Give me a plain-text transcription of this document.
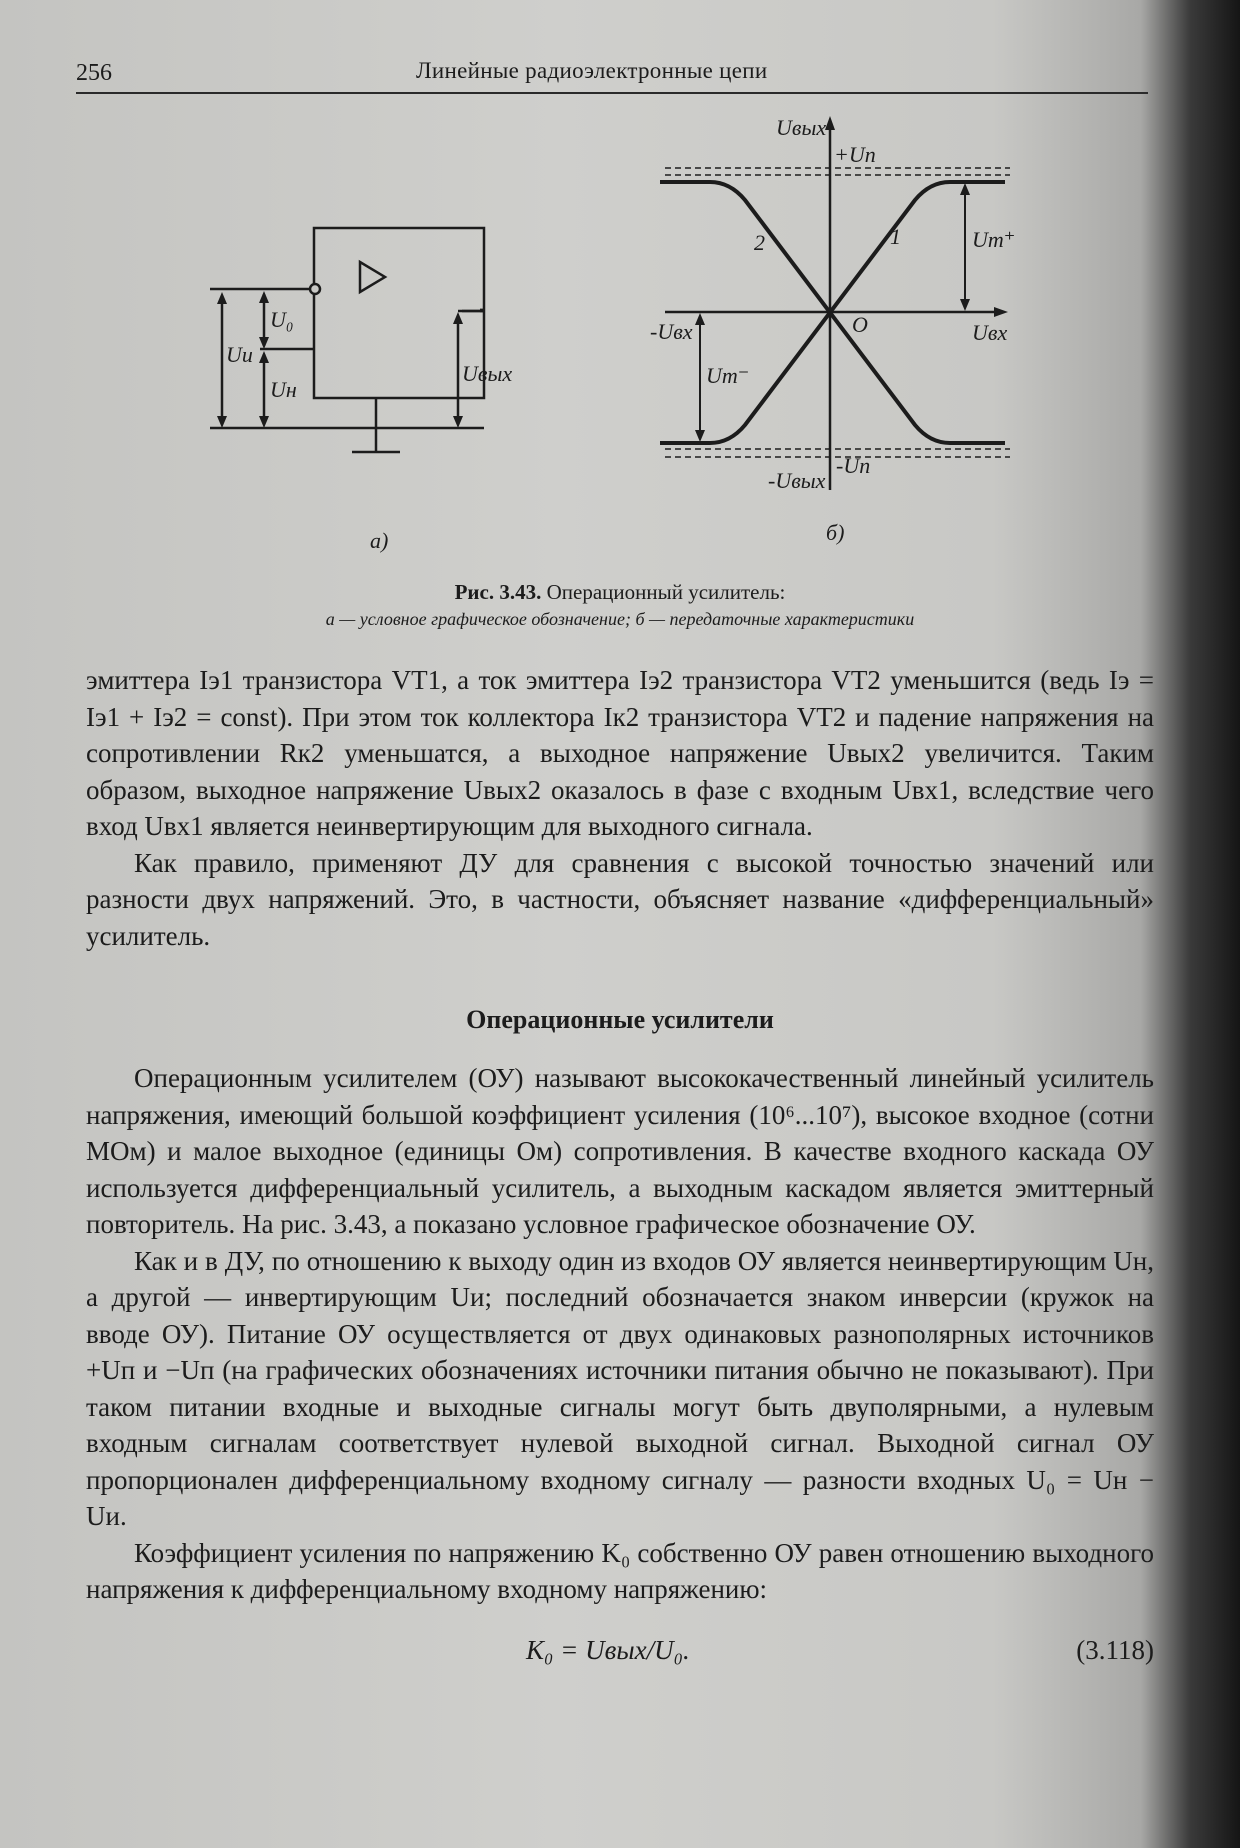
256	Линейные радиоэлектронные цепи
U₀
Uи
Uн
Uвых
а)
Uвых
+Uп
2	1	Um⁺
-Uвх	O	Uвх
Um⁻
-Uп
-Uвых
б)
Рис. 3.43. Операционный усилитель:
а — условное графическое обозначение; б — передаточные характеристики

эмиттера Iэ1 транзистора VT1, а ток эмиттера Iэ2 транзистора VT2 уменьшится (ведь Iэ = Iэ1 + Iэ2 = const). При этом ток коллектора Iк2 транзистора VT2 и падение напряжения на сопротивлении Rк2 уменьшатся, а выходное напряжение Uвых2 увеличится. Таким образом, выходное напряжение Uвых2 оказалось в фазе с входным Uвх1, вследствие чего вход Uвх1 является неинвертирующим для выходного сигнала.

Как правило, применяют ДУ для сравнения с высокой точностью значений или разности двух напряжений. Это, в частности, объясняет название «дифференциальный» усилитель.

Операционные усилители

Операционным усилителем (ОУ) называют высококачественный линейный усилитель напряжения, имеющий большой коэффициент усиления (10⁶...10⁷), высокое входное (сотни МОм) и малое выходное (единицы Ом) сопротивления. В качестве входного каскада ОУ используется дифференциальный усилитель, а выходным каскадом является эмиттерный повторитель. На рис. 3.43, а показано условное графическое обозначение ОУ.

Как и в ДУ, по отношению к выходу один из входов ОУ является неинвертирующим Uн, а другой — инвертирующим Uи; последний обозначается знаком инверсии (кружок на вводе ОУ). Питание ОУ осуществляется от двух одинаковых разнополярных источников +Uп и −Uп (на графических обозначениях источники питания обычно не показывают). При таком питании входные и выходные сигналы могут быть двуполярными, а нулевым входным сигналам соответствует нулевой выходной сигнал. Выходной сигнал ОУ пропорционален дифференциальному входному сигналу — разности входных U₀ = Uн − Uи.

Коэффициент усиления по напряжению K₀ собственно ОУ равен отношению выходного напряжения к дифференциальному входному напряжению:

K₀ = Uвых/U₀.	(3.118)
